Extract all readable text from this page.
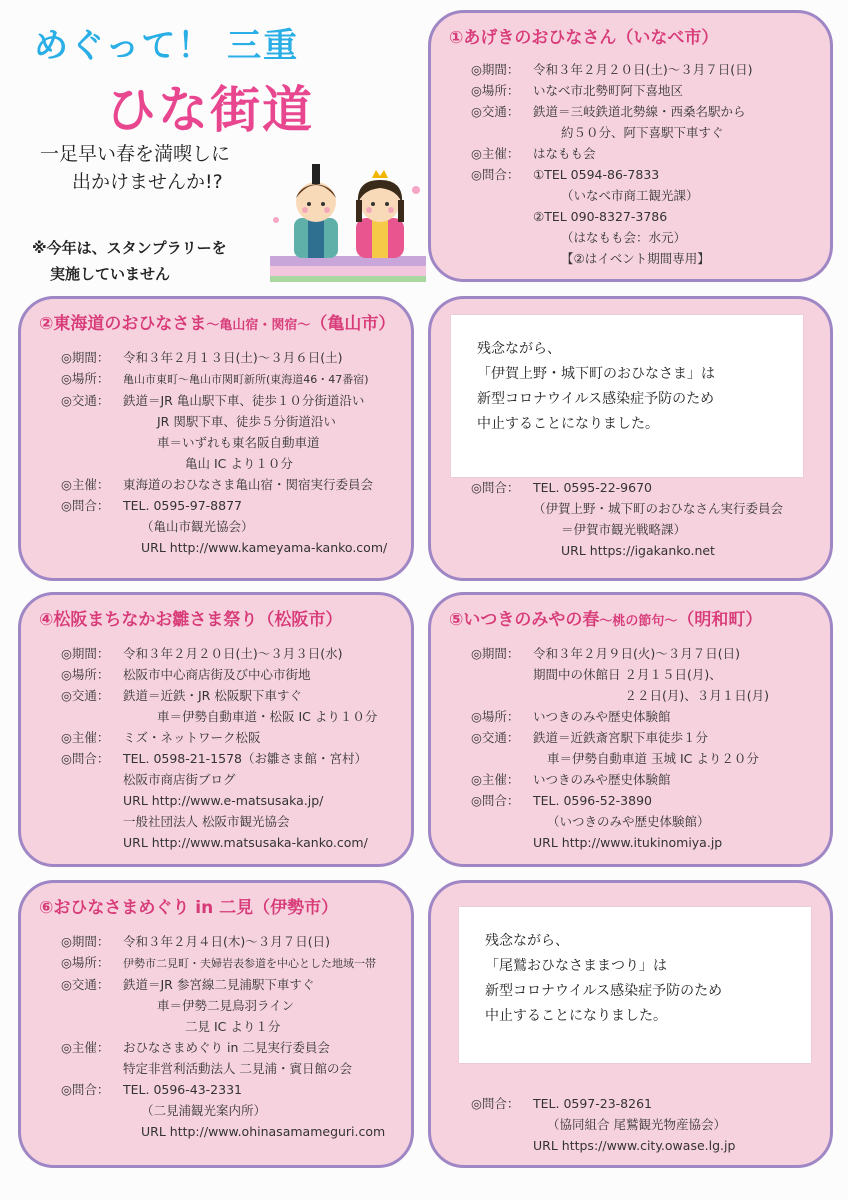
めぐって！ 三重
ひな街道
一足早い春を満喫しに
出かけませんか!?
※今年は、スタンプラリーを
実施していません
①あげきのおひなさん（いなべ市）
◎期間： 令和３年２月２０日(土)～３月７日(日)
◎場所： いなべ市北勢町阿下喜地区
◎交通： 鉄道＝三岐鉄道北勢線・西桑名駅から
約５０分、阿下喜駅下車すぐ
◎主催： はなもも会
◎問合： ①TEL 0594-86-7833
（いなべ市商工観光課）
②TEL 090-8327-3786
（はなもも会：水元）
【②はイベント期間専用】
②東海道のおひなさま～亀山宿・関宿～（亀山市）
◎期間： 令和３年２月１３日(土)～３月６日(土)
◎場所： 亀山市東町～亀山市関町新所(東海道46・47番宿)
◎交通： 鉄道＝JR 亀山駅下車、徒歩１０分街道沿い
JR 関駅下車、徒歩５分街道沿い
車＝いずれも東名阪自動車道
亀山 IC より１０分
◎主催： 東海道のおひなさま亀山宿・関宿実行委員会
◎問合： TEL. 0595-97-8877
（亀山市観光協会）
URL http://www.kameyama-kanko.com/
◎問合： TEL. 0595-22-9670
（伊賀上野・城下町のおひなさん実行委員会
＝伊賀市観光戦略課）
URL https://igakanko.net
残念ながら、
「伊賀上野・城下町のおひなさま」は
新型コロナウイルス感染症予防のため
中止することになりました。
④松阪まちなかお雛さま祭り（松阪市）
◎期間： 令和３年２月２０日(土)～３月３日(水)
◎場所： 松阪市中心商店街及び中心市街地
◎交通： 鉄道＝近鉄・JR 松阪駅下車すぐ
車＝伊勢自動車道・松阪 IC より１０分
◎主催： ミズ・ネットワーク松阪
◎問合： TEL. 0598-21-1578（お雛さま館・宮村）
松阪市商店街ブログ
URL http://www.e-matsusaka.jp/
一般社団法人 松阪市観光協会
URL http://www.matsusaka-kanko.com/
⑤いつきのみやの春～桃の節句～（明和町）
◎期間： 令和３年２月９日(火)～３月７日(日)
期間中の休館日 ２月１５日(月)、
　　　　　　　 ２２日(月)、３月１日(月)
◎場所： いつきのみや歴史体験館
◎交通： 鉄道＝近鉄斎宮駅下車徒歩１分
車＝伊勢自動車道 玉城 IC より２０分
◎主催： いつきのみや歴史体験館
◎問合： TEL. 0596-52-3890
（いつきのみや歴史体験館）
URL http://www.itukinomiya.jp
⑥おひなさまめぐり in 二見（伊勢市）
◎期間： 令和３年２月４日(木)～３月７日(日)
◎場所： 伊勢市二見町・夫婦岩表参道を中心とした地域一帯
◎交通： 鉄道＝JR 参宮線二見浦駅下車すぐ
車＝伊勢二見鳥羽ライン
二見 IC より１分
◎主催： おひなさまめぐり in 二見実行委員会
特定非営利活動法人 二見浦・賓日館の会
◎問合： TEL. 0596-43-2331
（二見浦観光案内所）
URL http://www.ohinasamameguri.com
◎問合： TEL. 0597-23-8261
（協同組合 尾鷲観光物産協会）
URL https://www.city.owase.lg.jp
残念ながら、
「尾鷲おひなさままつり」は
新型コロナウイルス感染症予防のため
中止することになりました。
